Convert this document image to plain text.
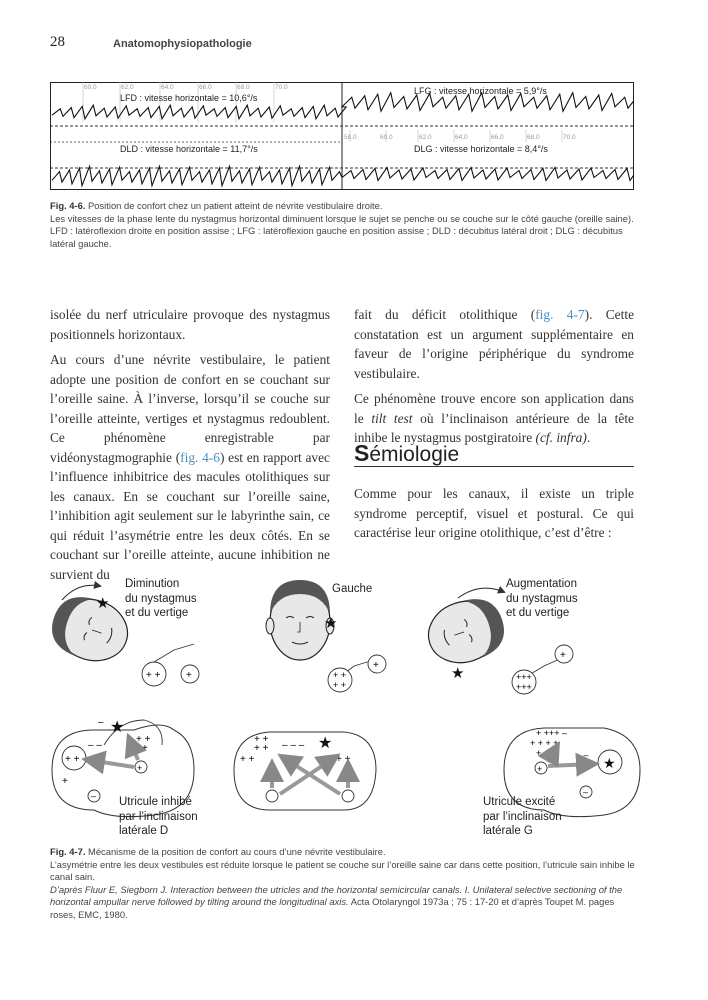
28	Anatomophysiopathologie
60.0	62.0	64.0	66.0	68.0	70.0
58.0	60.0	62.0	64.0	66.0	68.0	70.0
LFD : vitesse horizontale = 10,6°/s
LFG : vitesse horizontale = 5,9°/s
DLD : vitesse horizontale = 11,7°/s	DLG : vitesse horizontale = 8,4°/s

Fig. 4-6. Position de confort chez un patient atteint de névrite vestibulaire droite.

Les vitesses de la phase lente du nystagmus horizontal diminuent lorsque le sujet se penche ou se couche sur le côté gauche (oreille saine).

LFD : latéroflexion droite en position assise ; LFG : latéroflexion gauche en position assise ; DLD : décubitus latéral droit ; DLG : décubitus latéral gauche.

isolée du nerf utriculaire provoque des nystagmus positionnels horizontaux.

Au cours d’une névrite vestibulaire, le patient adopte une position de confort en se couchant sur l’oreille saine. À l’inverse, lorsqu’il se couche sur l’oreille atteinte, vertiges et nystagmus redoublent. Ce phénomène enregistrable par vidéonystagmographie (fig. 4-6) est en rapport avec l’influence inhibitrice des macules otolithiques sur les canaux. En se couchant sur l’oreille saine, l’inhibition agit seulement sur le labyrinthe sain, ce qui réduit l’asymétrie entre les deux côtés. En se couchant sur l’oreille atteinte, aucune inhibition ne survient du

fait du déficit otolithique (fig. 4-7). Cette constatation est un argument supplémentaire en faveur de l’origine périphérique du syndrome vestibulaire.

Ce phénomène trouve encore son application dans le tilt test où l’inclinaison antérieure de la tête inhibe le nystagmus postgiratoire (cf. infra).

Sémiologie

Comme pour les canaux, il existe un triple syndrome perceptif, visuel et postural. Ce qui caractérise leur origine otolithique, c’est d’être :

★
+ +	+
★
+ +
+ +
+
★	+++
+++
+
★
+ +
+
–
– –
+ +
+
+
–
+ +
+ + – – – ★
+ +	+ +
+ +++ –
+ + + +
+	– –
★
+
–
Diminution
du nystagmus
et du vertige
Gauche	Augmentation
du nystagmus
et du vertige
Utricule inhibé
par l’inclinaison
latérale D
Utricule excité
par l’inclinaison
latérale G

Fig. 4-7. Mécanisme de la position de confort au cours d’une névrite vestibulaire.

L’asymétrie entre les deux vestibules est réduite lorsque le patient se couche sur l’oreille saine car dans cette position, l’utricule sain inhibe le canal sain.

D’après Fluur E, Siegborn J. Interaction between the utricles and the horizontal semicircular canals. I. Unilateral selective sectioning of the horizontal ampullar nerve followed by tilting around the longitudinal axis. Acta Otolaryngol 1973a ; 75 : 17-20 et d’après Toupet M. pages roses, EMC, 1980.
